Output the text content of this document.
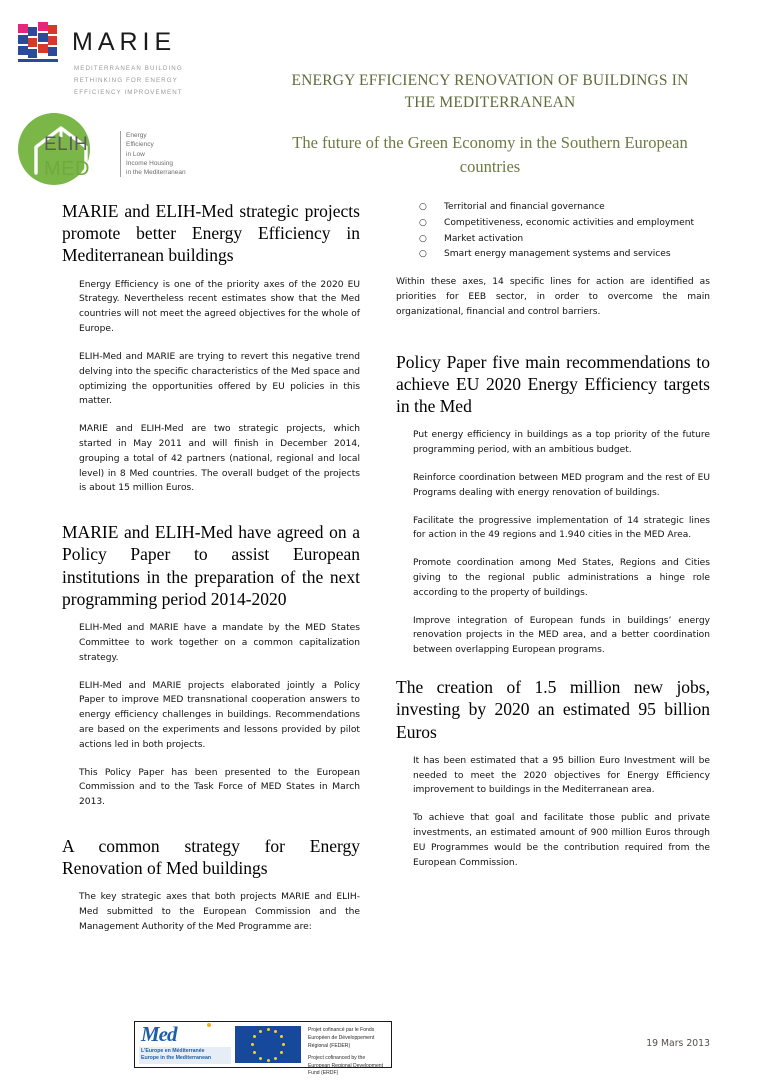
MARIE
MEDITERRANEAN BUILDING
RETHINKING FOR ENERGY
EFFICIENCY IMPROVEMENT
ELIH
MED
Energy
Efficiency
in Low
Income Housing
in the Mediterranean
ENERGY EFFICIENCY RENOVATION OF BUILDINGS IN THE MEDITERRANEAN
The future of the Green Economy in the Southern European countries
MARIE and ELIH-Med strategic projects promote better Energy Efficiency in Mediterranean buildings

Energy Efficiency is one of the priority axes of the 2020 EU Strategy. Nevertheless recent estimates show that the Med countries will not meet the agreed objectives for the whole of Europe.

ELIH-Med and MARIE are trying to revert this negative trend delving into the specific characteristics of the Med space and optimizing the opportunities offered by EU policies in this matter.

MARIE and ELIH-Med are two strategic projects, which started in May 2011 and will finish in December 2014, grouping a total of 42 partners (national, regional and local level) in 8 Med countries. The overall budget of the projects is about 15 million Euros.

MARIE and ELIH-Med have agreed on a Policy Paper to assist European institutions in the preparation of the next programming period 2014-2020

ELIH-Med and MARIE have a mandate by the MED States Committee to work together on a common capitalization strategy.

ELIH-Med and MARIE projects elaborated jointly a Policy Paper to improve MED transnational cooperation answers to energy efficiency challenges in buildings. Recommendations are based on the experiments and lessons provided by pilot actions led in both projects.

This Policy Paper has been presented to the European Commission and to the Task Force of MED States in March 2013.

A common strategy for Energy Renovation of Med buildings

The key strategic axes that both projects MARIE and ELIH-Med submitted to the European Commission and the Management Authority of the Med Programme are:

○ Territorial and financial governance
○ Competitiveness, economic activities and employment
○ Market activation
○ Smart energy management systems and services

Within these axes, 14 specific lines for action are identified as priorities for EEB sector, in order to overcome the main organizational, financial and control barriers.

Policy Paper five main recommendations to achieve EU 2020 Energy Efficiency targets in the Med

Put energy efficiency in buildings as a top priority of the future programming period, with an ambitious budget.

Reinforce coordination between MED program and the rest of EU Programs dealing with energy renovation of buildings.

Facilitate the progressive implementation of 14 strategic lines for action in the 49 regions and 1.940 cities in the MED Area.

Promote coordination among Med States, Regions and Cities giving to the regional public administrations a hinge role according to the property of buildings.

Improve integration of European funds in buildings’ energy renovation projects in the MED area, and a better coordination between overlapping European programs.

The creation of 1.5 million new jobs, investing by 2020 an estimated 95 billion Euros

It has been estimated that a 95 billion Euro Investment will be needed to meet the 2020 objectives for Energy Efficiency improvement to buildings in the Mediterranean area.

To achieve that goal and facilitate those public and private investments, an estimated amount of 900 million Euros through EU Programmes would be the contribution required from the European Commission.

Med
L'Europe en Méditerranée
Europe in the Mediterranean

Projet cofinancé par le Fonds Européen de Développement Régional (FEDER)

Project cofinanced by the European Regional Development Fund (ERDF)

19 Mars 2013
